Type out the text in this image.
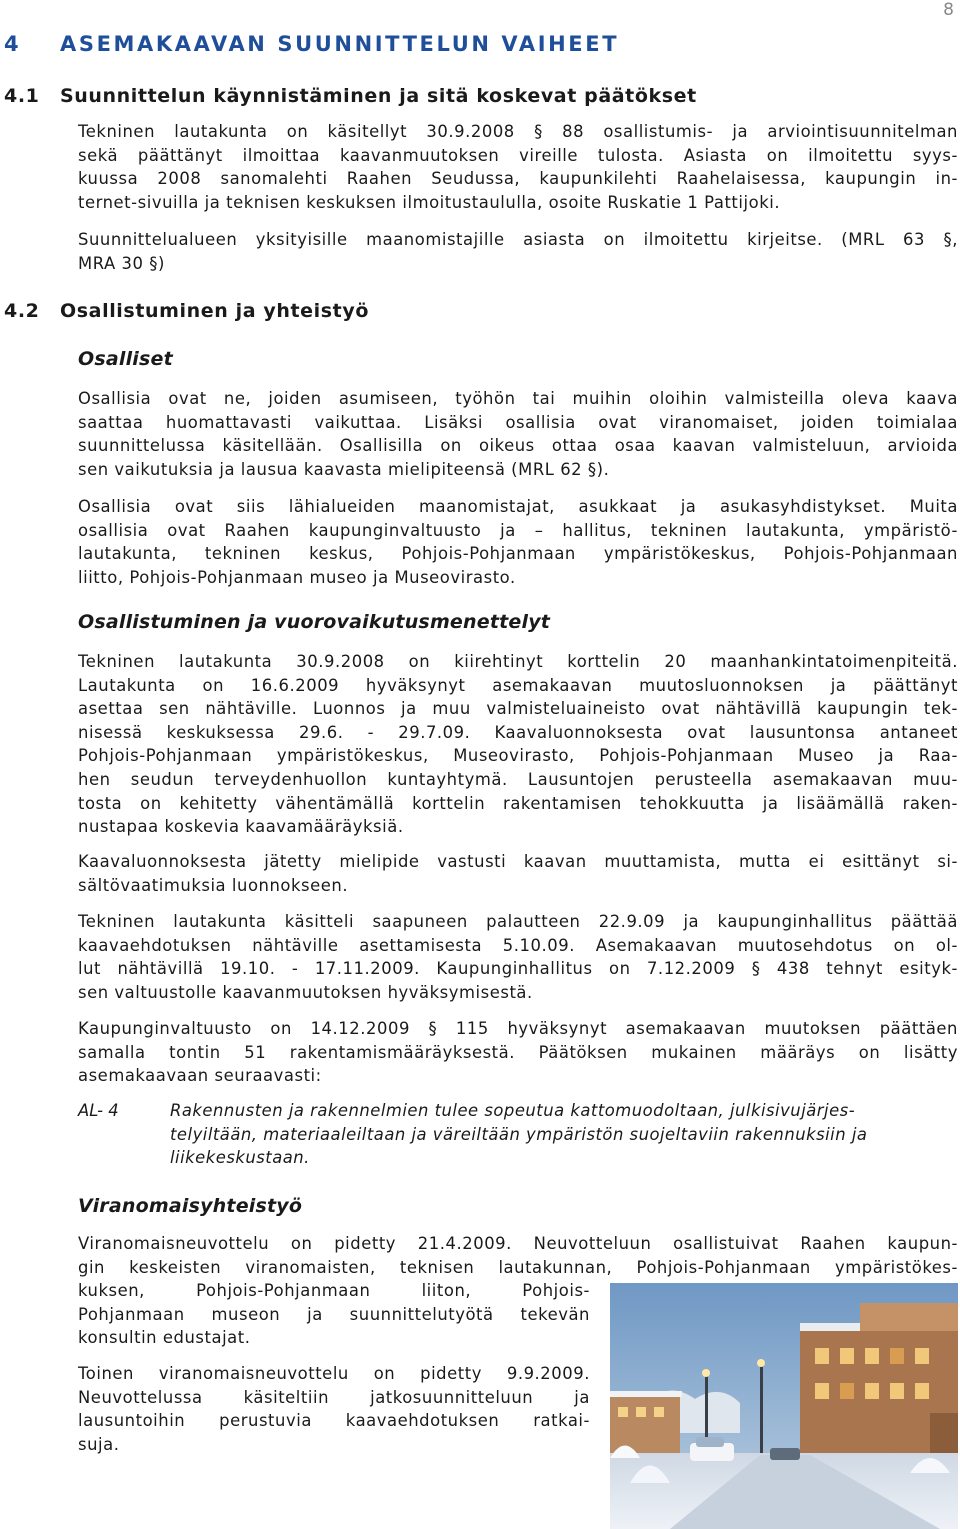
8
4 ASEMAKAAVAN SUUNNITTELUN VAIHEET
4.1 Suunnittelun käynnistäminen ja sitä koskevat päätökset
Tekninen lautakunta on käsitellyt 30.9.2008 § 88 osallistumis- ja arviointisuunnitelman
sekä päättänyt ilmoittaa kaavanmuutoksen vireille tulosta. Asiasta on ilmoitettu syys-
kuussa 2008 sanomalehti Raahen Seudussa, kaupunkilehti Raahelaisessa, kaupungin in-
ternet-sivuilla ja teknisen keskuksen ilmoitustaululla, osoite Ruskatie 1 Pattijoki.
Suunnittelualueen yksityisille maanomistajille asiasta on ilmoitettu kirjeitse. (MRL 63 §,
MRA 30 §)
4.2 Osallistuminen ja yhteistyö
Osalliset
Osallisia ovat ne, joiden asumiseen, työhön tai muihin oloihin valmisteilla oleva kaava
saattaa huomattavasti vaikuttaa. Lisäksi osallisia ovat viranomaiset, joiden toimialaa
suunnittelussa käsitellään. Osallisilla on oikeus ottaa osaa kaavan valmisteluun, arvioida
sen vaikutuksia ja lausua kaavasta mielipiteensä (MRL 62 §).
Osallisia ovat siis lähialueiden maanomistajat, asukkaat ja asukasyhdistykset. Muita
osallisia ovat Raahen kaupunginvaltuusto ja – hallitus, tekninen lautakunta, ympäristö-
lautakunta, tekninen keskus, Pohjois-Pohjanmaan ympäristökeskus, Pohjois-Pohjanmaan
liitto, Pohjois-Pohjanmaan museo ja Museovirasto.
Osallistuminen ja vuorovaikutusmenettelyt
Tekninen lautakunta 30.9.2008 on kiirehtinyt korttelin 20 maanhankintatoimenpiteitä.
Lautakunta on 16.6.2009 hyväksynyt asemakaavan muutosluonnoksen ja päättänyt
asettaa sen nähtäville. Luonnos ja muu valmisteluaineisto ovat nähtävillä kaupungin tek-
nisessä keskuksessa 29.6. - 29.7.09. Kaavaluonnoksesta ovat lausuntonsa antaneet
Pohjois-Pohjanmaan ympäristökeskus, Museovirasto, Pohjois-Pohjanmaan Museo ja Raa-
hen seudun terveydenhuollon kuntayhtymä. Lausuntojen perusteella asemakaavan muu-
tosta on kehitetty vähentämällä korttelin rakentamisen tehokkuutta ja lisäämällä raken-
nustapaa koskevia kaavamääräyksiä.
Kaavaluonnoksesta jätetty mielipide vastusti kaavan muuttamista, mutta ei esittänyt si-
sältövaatimuksia luonnokseen.
Tekninen lautakunta käsitteli saapuneen palautteen 22.9.09 ja kaupunginhallitus päättää
kaavaehdotuksen nähtäville asettamisesta 5.10.09. Asemakaavan muutosehdotus on ol-
lut nähtävillä 19.10. - 17.11.2009. Kaupunginhallitus on 7.12.2009 § 438 tehnyt esityk-
sen valtuustolle kaavanmuutoksen hyväksymisestä.
Kaupunginvaltuusto on 14.12.2009 § 115 hyväksynyt asemakaavan muutoksen päättäen
samalla tontin 51 rakentamismääräyksestä. Päätöksen mukainen määräys on lisätty
asemakaavaan seuraavasti:
AL- 4	Rakennusten ja rakennelmien tulee sopeutua kattomuodoltaan, julkisivujärjes-
telyiltään, materiaaleiltaan ja väreiltään ympäristön suojeltaviin rakennuksiin ja
liikekeskustaan.
Viranomaisyhteistyö
Viranomaisneuvottelu on pidetty 21.4.2009. Neuvotteluun osallistuivat Raahen kaupun-
gin keskeisten viranomaisten, teknisen lautakunnan, Pohjois-Pohjanmaan ympäristökes-
kuksen, Pohjois-Pohjanmaan liiton, Pohjois-
Pohjanmaan museon ja suunnittelutyötä tekevän
konsultin edustajat.
Toinen viranomaisneuvottelu on pidetty 9.9.2009.
Neuvottelussa käsiteltiin jatkosuunnitteluun ja
lausuntoihin perustuvia kaavaehdotuksen ratkai-
suja.
